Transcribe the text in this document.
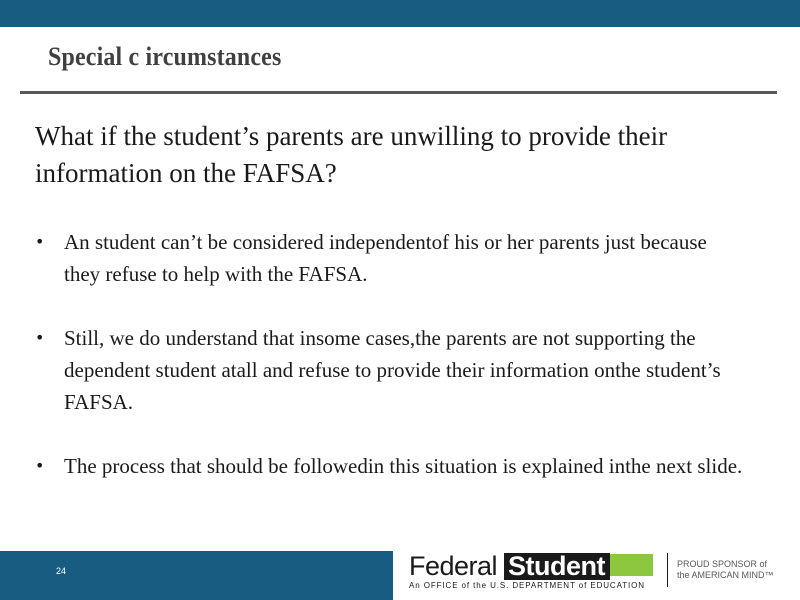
Special c ircumstances
What if the student’s parents are unwilling to provide their information on the FAFSA?
• An student can’t be considered independentof his or her parents just because they refuse to help with the FAFSA.
• Still, we do understand that insome cases,the parents are not supporting the dependent student atall and refuse to provide their information onthe student’s FAFSA.
• The process that should be followedin this situation is explained inthe next slide.
24	Federal Student
An OFFICE of the U.S. DEPARTMENT of EDUCATION
PROUD SPONSOR of
the AMERICAN MIND™
